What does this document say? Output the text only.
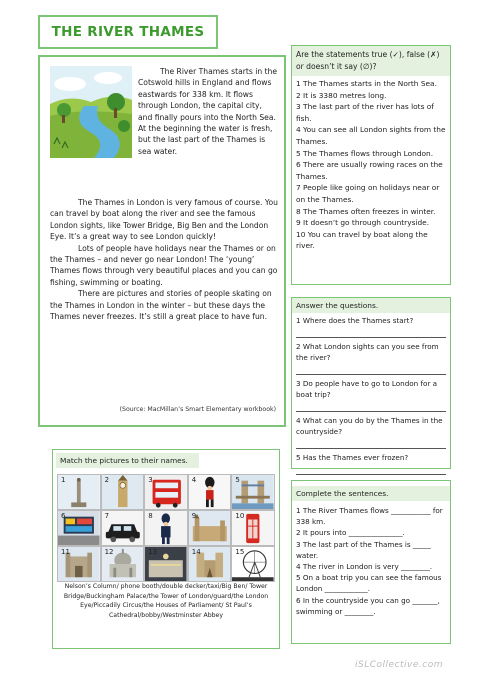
THE RIVER THAMES

The River Thames starts in the Cotswold hills in England and flows eastwards for 338 km. It flows through London, the capital city, and finally pours into the North Sea. At the beginning the water is fresh, but the last part of the Thames is sea water.

The Thames in London is very famous of course. You can travel by boat along the river and see the famous London sights, like Tower Bridge, Big Ben and the London Eye. It’s a great way to see London quickly!

Lots of people have holidays near the Thames or on the Thames – and never go near London! The ‘young’ Thames flows through very beautiful places and you can go fishing, swimming or boating.

There are pictures and stories of people skating on the Thames in London in the winter – but these days the Thames never freezes. It’s still a great place to have fun.

(Source: MacMillan’s Smart Elementary workbook)
Are the statements true (✓), false (✗) or doesn’t it say (∅)?
1 The Thames starts in the North Sea.
2 It is 3380 metres long.
3 The last part of the river has lots of fish.
4 You can see all London sights from the Thames.
5 The Thames flows through London.
6 There are usually rowing races on the Thames.
7 People like going on holidays near or on the Thames.
8 The Thames often freezes in winter.
9 It doesn’t go through countryside.
10 You can travel by boat along the river.
Answer the questions.
1 Where does the Thames start?
2 What London sights can you see from the river?
3 Do people have to go to London for a boat trip?
4 What can you do by the Thames in the countryside?
5 Has the Thames ever frozen?
Complete the sentences.
1 The River Thames flows ___________ for 338 km.
2 It pours into _______________.
3 The last part of the Thames is _____ water.
4 The river in London is very ________.
5 On a boat trip you can see the famous London ____________.
6 In the countryside you can go _______, swimming or ________.
Match the pictures to their names.
1	2	3	4	5
6	7	8	9	10
11	12	13	14	15
Nelson’s Column/ phone booth/double decker/taxi/Big Ben/ Tower Bridge/Buckingham Palace/the Tower of London/guard/the London Eye/Piccadily Circus/the Houses of Parliament/ St Paul’s Cathedral/bobby/Westminster Abbey
iSLCollective.com
